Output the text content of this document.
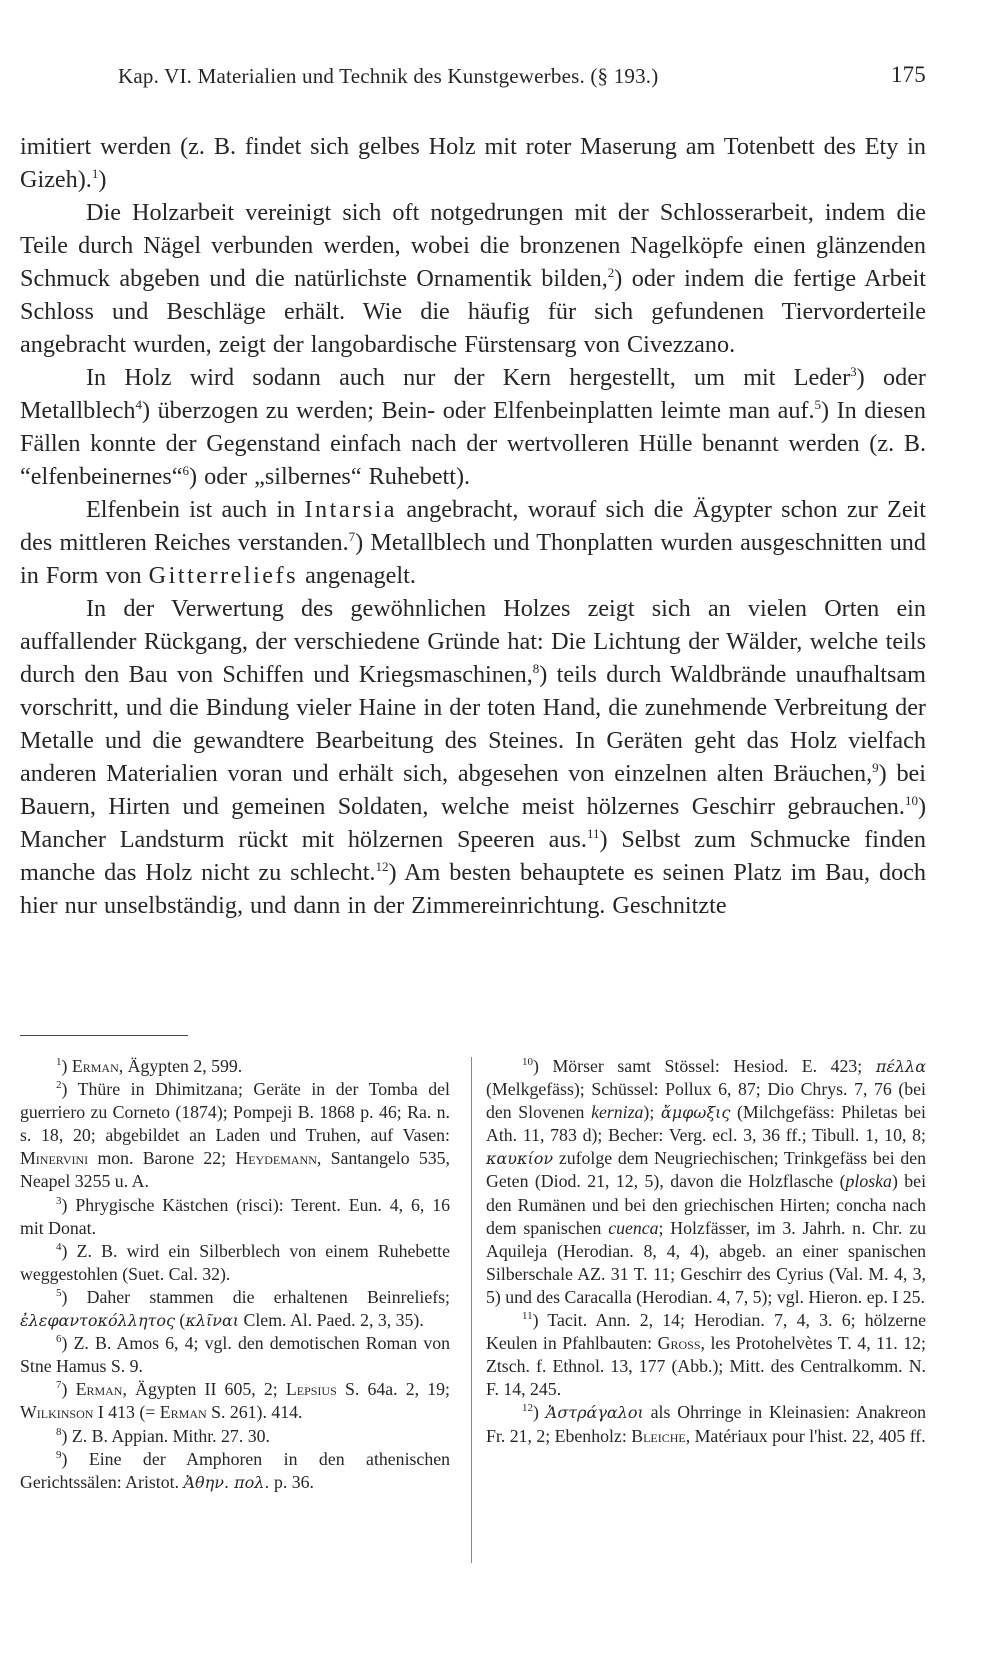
Kap. VI. Materialien und Technik des Kunstgewerbes. (§ 193.)	175

imitiert werden (z. B. findet sich gelbes Holz mit roter Maserung am Totenbett des Ety in Gizeh).$^1$)

Die Holzarbeit vereinigt sich oft notgedrungen mit der Schlosserarbeit, indem die Teile durch Nägel verbunden werden, wobei die bronzenen Nagelköpfe einen glänzenden Schmuck abgeben und die natürlichste Ornamentik bilden,$^2$) oder indem die fertige Arbeit Schloss und Beschläge erhält. Wie die häufig für sich gefundenen Tiervorderteile angebracht wurden, zeigt der langobardische Fürstensarg von Civezzano.

In Holz wird sodann auch nur der Kern hergestellt, um mit Leder$^3$) oder Metallblech$^4$) überzogen zu werden; Bein- oder Elfenbeinplatten leimte man auf.$^5$) In diesen Fällen konnte der Gegenstand einfach nach der wertvolleren Hülle benannt werden (z. B. “elfenbeinernes“$^6$) oder „silbernes“ Ruhebett).

Elfenbein ist auch in Intarsia angebracht, worauf sich die Ägypter schon zur Zeit des mittleren Reiches verstanden.$^7$) Metallblech und Thonplatten wurden ausgeschnitten und in Form von Gitterreliefs angenagelt.

In der Verwertung des gewöhnlichen Holzes zeigt sich an vielen Orten ein auffallender Rückgang, der verschiedene Gründe hat: Die Lichtung der Wälder, welche teils durch den Bau von Schiffen und Kriegsmaschinen,$^8$) teils durch Waldbrände unaufhaltsam vorschritt, und die Bindung vieler Haine in der toten Hand, die zunehmende Verbreitung der Metalle und die gewandtere Bearbeitung des Steines. In Geräten geht das Holz vielfach anderen Materialien voran und erhält sich, abgesehen von einzelnen alten Bräuchen,$^9$) bei Bauern, Hirten und gemeinen Soldaten, welche meist hölzernes Geschirr gebrauchen.$^{10}$) Mancher Landsturm rückt mit hölzernen Speeren aus.$^{11}$) Selbst zum Schmucke finden manche das Holz nicht zu schlecht.$^{12}$) Am besten behauptete es seinen Platz im Bau, doch hier nur unselbständig, und dann in der Zimmereinrichtung. Geschnitzte

$^1$) Erman, Ägypten 2, 599.

$^2$) Thüre in Dhimitzana; Geräte in der Tomba del guerriero zu Corneto (1874); Pompeji B. 1868 p. 46; Ra. n. s. 18, 20; abgebildet an Laden und Truhen, auf Vasen: Minervini mon. Barone 22; Heydemann, Santangelo 535, Neapel 3255 u. A.

$^3$) Phrygische Kästchen (risci): Terent. Eun. 4, 6, 16 mit Donat.

$^4$) Z. B. wird ein Silberblech von einem Ruhebette weggestohlen (Suet. Cal. 32).

$^5$) Daher stammen die erhaltenen Beinreliefs; ἐλεφαντοκόλλητος (κλῖναι Clem. Al. Paed. 2, 3, 35).

$^6$) Z. B. Amos 6, 4; vgl. den demotischen Roman von Stne Hamus S. 9.

$^7$) Erman, Ägypten II 605, 2; Lepsius S. 64a. 2, 19; Wilkinson I 413 (= Erman S. 261). 414.

$^8$) Z. B. Appian. Mithr. 27. 30.

$^9$) Eine der Amphoren in den athenischen Gerichtssälen: Aristot. Ἀθην. πολ. p. 36.

$^{10}$) Mörser samt Stössel: Hesiod. E. 423; πέλλα (Melkgefäss); Schüssel: Pollux 6, 87; Dio Chrys. 7, 76 (bei den Slovenen kerniza); ἄμφωξις (Milchgefäss: Philetas bei Ath. 11, 783 d); Becher: Verg. ecl. 3, 36 ff.; Tibull. 1, 10, 8; καυκίον zufolge dem Neugriechischen; Trinkgefäss bei den Geten (Diod. 21, 12, 5), davon die Holzflasche (ploska) bei den Rumänen und bei den griechischen Hirten; concha nach dem spanischen cuenca; Holzfässer, im 3. Jahrh. n. Chr. zu Aquileja (Herodian. 8, 4, 4), abgeb. an einer spanischen Silberschale AZ. 31 T. 11; Geschirr des Cyrius (Val. M. 4, 3, 5) und des Caracalla (Herodian. 4, 7, 5); vgl. Hieron. ep. I 25.

$^{11}$) Tacit. Ann. 2, 14; Herodian. 7, 4, 3. 6; hölzerne Keulen in Pfahlbauten: Gross, les Protohelvètes T. 4, 11. 12; Ztsch. f. Ethnol. 13, 177 (Abb.); Mitt. des Centralkomm. N. F. 14, 245.

$^{12}$) Ἀστράγαλοι als Ohrringe in Kleinasien: Anakreon Fr. 21, 2; Ebenholz: Bleiche, Matériaux pour l'hist. 22, 405 ff.
